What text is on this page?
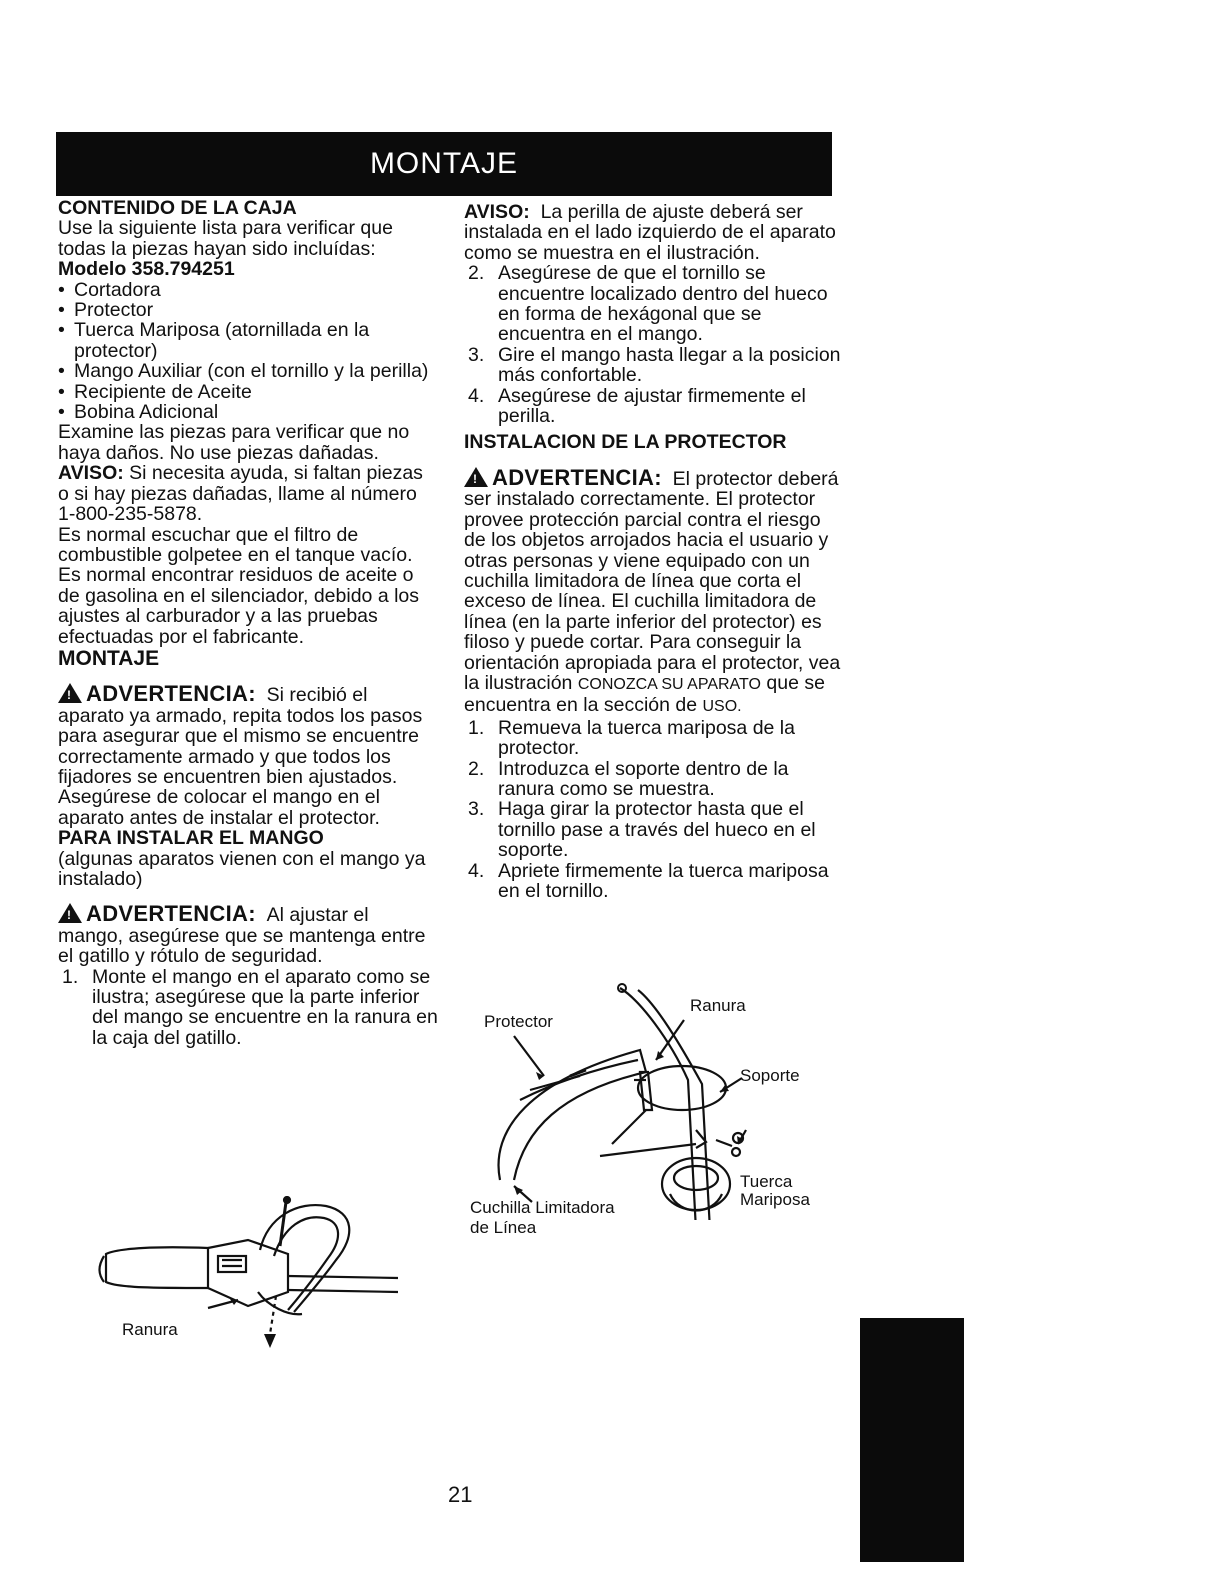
MONTAJE
CONTENIDO DE LA CAJA
Use la siguiente lista para verificar que todas la piezas hayan sido incluídas:
Modelo 358.794251
• Cortadora
• Protector
• Tuerca Mariposa (atornillada en la protector)
• Mango Auxiliar (con el tornillo y la perilla)
• Recipiente de Aceite
• Bobina Adicional
Examine las piezas para verificar que no haya daños. No use piezas dañadas.
AVISO: Si necesita ayuda, si faltan piezas o si hay piezas dañadas, llame al número 1-800-235-5878.
Es normal escuchar que el filtro de combustible golpetee en el tanque vacío.
Es normal encontrar residuos de aceite o de gasolina en el silenciador, debido a los ajustes al carburador y a las pruebas efectuadas por el fabricante.
MONTAJE
! ADVERTENCIA: Si recibió el aparato ya armado, repita todos los pasos para asegurar que el mismo se encuentre correctamente armado y que todos los fijadores se encuentren bien ajustados.
Asegúrese de colocar el mango en el aparato antes de instalar el protector.
PARA INSTALAR EL MANGO
(algunas aparatos vienen con el mango ya instalado)
! ADVERTENCIA: Al ajustar el mango, asegúrese que se mantenga entre el gatillo y rótulo de seguridad.
1. Monte el mango en el aparato como se ilustra; asegúrese que la parte inferior del mango se encuentre en la ranura en la caja del gatillo.
Ranura
AVISO: La perilla de ajuste deberá ser instalada en el lado izquierdo de el aparato como se muestra en el ilustración.
2. Asegúrese de que el tornillo se encuentre localizado dentro del hueco en forma de hexágonal que se encuentra en el mango.
3. Gire el mango hasta llegar a la posicion más confortable.
4. Asegúrese de ajustar firmemente el perilla.
INSTALACION DE LA PROTECTOR
! ADVERTENCIA: El protector deberá ser instalado correctamente. El protector provee protección parcial contra el riesgo de los objetos arrojados hacia el usuario y otras personas y viene equipado con un cuchilla limitadora de línea que corta el exceso de línea. El cuchilla limitadora de línea (en la parte inferior del protector) es filoso y puede cortar. Para conseguir la orientación apropiada para el protector, vea la ilustración CONOZCA SU APARATO que se encuentra en la sección de USO.
1. Remueva la tuerca mariposa de la protector.
2. Introduzca el soporte dentro de la ranura como se muestra.
3. Haga girar la protector hasta que el tornillo pase a través del hueco en el soporte.
4. Apriete firmemente la tuerca mariposa en el tornillo.
Protector
Ranura
Soporte
Tuerca
Mariposa
Cuchilla Limitadora
de Línea
21
